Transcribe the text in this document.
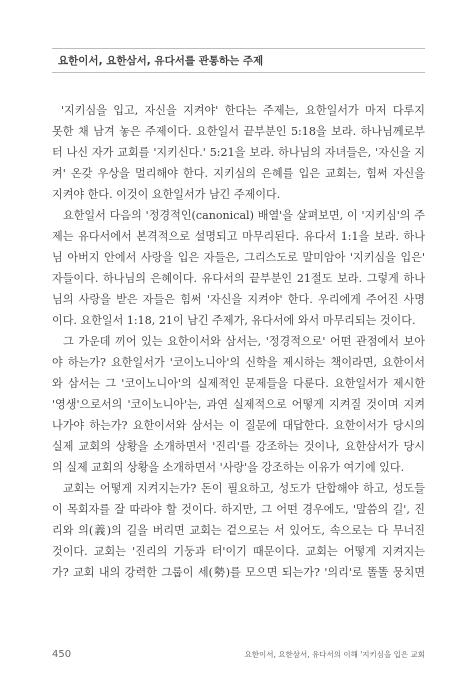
요한이서, 요한삼서, 유다서를 관통하는 주제
'지키심을 입고, 자신을 지켜야' 한다는 주제는, 요한일서가 마저 다루지
못한 채 남겨 놓은 주제이다. 요한일서 끝부분인 5:18을 보라. 하나님께로부
터 나신 자가 교회를 '지키신다.' 5:21을 보라. 하나님의 자녀들은, '자신을 지
켜' 온갖 우상을 멀리해야 한다. 지키심의 은혜를 입은 교회는, 힘써 자신을
지켜야 한다. 이것이 요한일서가 남긴 주제이다.
요한일서 다음의 '정경적인(canonical) 배열'을 살펴보면, 이 '지키심'의 주
제는 유다서에서 본격적으로 설명되고 마무리된다. 유다서 1:1을 보라. 하나
님 아버지 안에서 사랑을 입은 자들은, 그리스도로 말미암아 '지키심을 입은'
자들이다. 하나님의 은혜이다. 유다서의 끝부분인 21절도 보라. 그렇게 하나
님의 사랑을 받은 자들은 힘써 '자신을 지켜야' 한다. 우리에게 주어진 사명
이다. 요한일서 1:18, 21이 남긴 주제가, 유다서에 와서 마무리되는 것이다.
그 가운데 끼어 있는 요한이서와 삼서는, '정경적으로' 어떤 관점에서 보아
야 하는가? 요한일서가 '코이노니아'의 신학을 제시하는 책이라면, 요한이서
와 삼서는 그 '코이노니아'의 실제적인 문제들을 다룬다. 요한일서가 제시한
'영생'으로서의 '코이노니아'는, 과연 실제적으로 어떻게 지켜질 것이며 지켜
나가야 하는가? 요한이서와 삼서는 이 질문에 대답한다. 요한이서가 당시의
실제 교회의 상황을 소개하면서 '진리'를 강조하는 것이나, 요한삼서가 당시
의 실제 교회의 상황을 소개하면서 '사랑'을 강조하는 이유가 여기에 있다.
교회는 어떻게 지켜지는가? 돈이 필요하고, 성도가 단합해야 하고, 성도들
이 목회자를 잘 따라야 할 것이다. 하지만, 그 어떤 경우에도, '말씀의 길', 진
리와 의(義)의 길을 버리면 교회는 겉으로는 서 있어도, 속으로는 다 무너진
것이다. 교회는 '진리의 기둥과 터'이기 때문이다. 교회는 어떻게 지켜지는
가? 교회 내의 강력한 그룹이 세(勢)를 모으면 되는가? '의리'로 똘똘 뭉치면
450	요한이서, 요한삼서, 유다서의 이해 '지키심을 입은 교회
